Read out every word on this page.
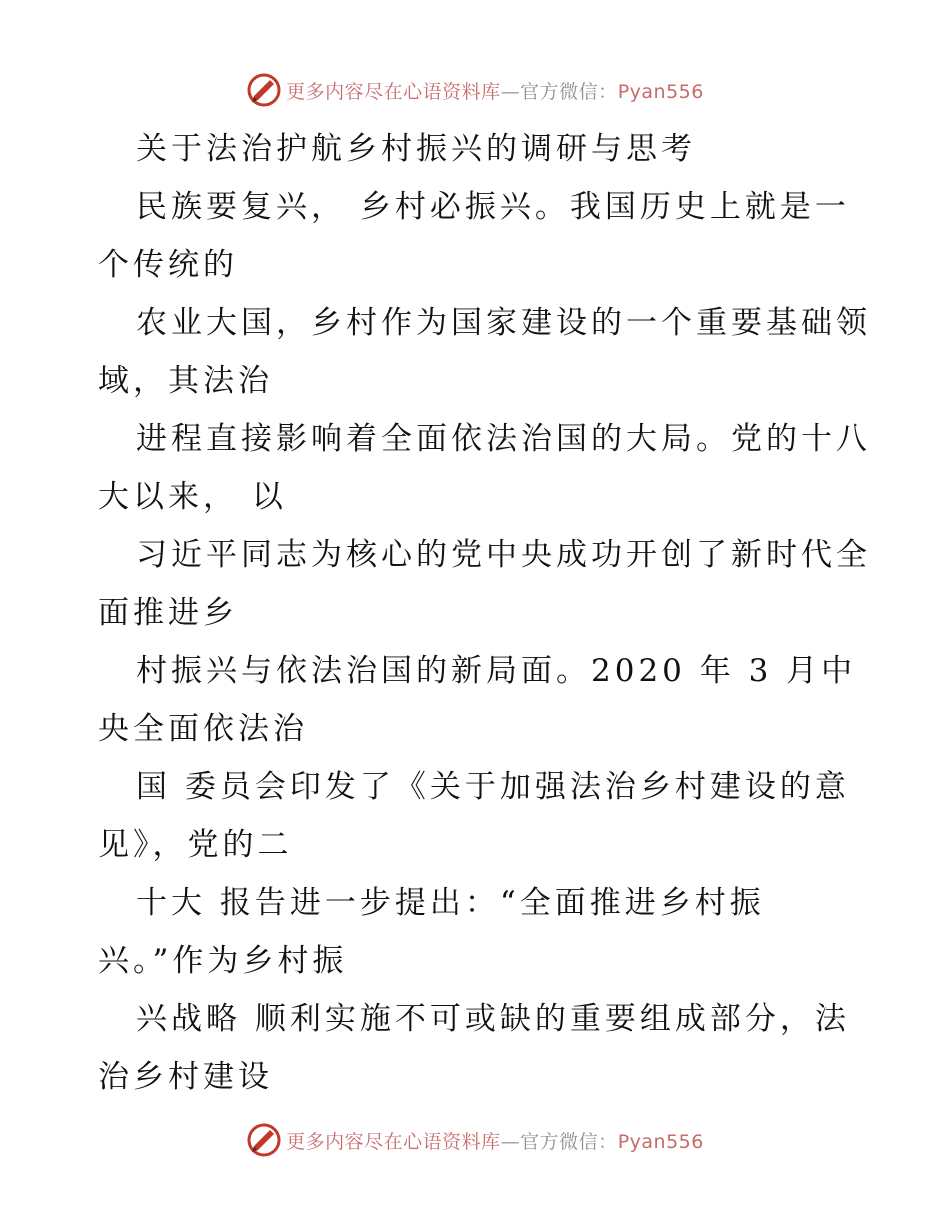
更多内容尽在心语资料库—官方微信：Pyan556
关于法治护航乡村振兴的调研与思考
民族要复兴， 乡村必振兴。我国历史上就是一
个传统的
农业大国，乡村作为国家建设的一个重要基础领
域，其法治
进程直接影响着全面依法治国的大局。党的十八
大以来， 以
习近平同志为核心的党中央成功开创了新时代全
面推进乡
村振兴与依法治国的新局面。2020 年 3 月中
央全面依法治
国 委员会印发了《关于加强法治乡村建设的意
见》，党的二
十大 报告进一步提出：“全面推进乡村振
兴。”作为乡村振
兴战略 顺利实施不可或缺的重要组成部分，法
治乡村建设
更多内容尽在心语资料库—官方微信：Pyan556
